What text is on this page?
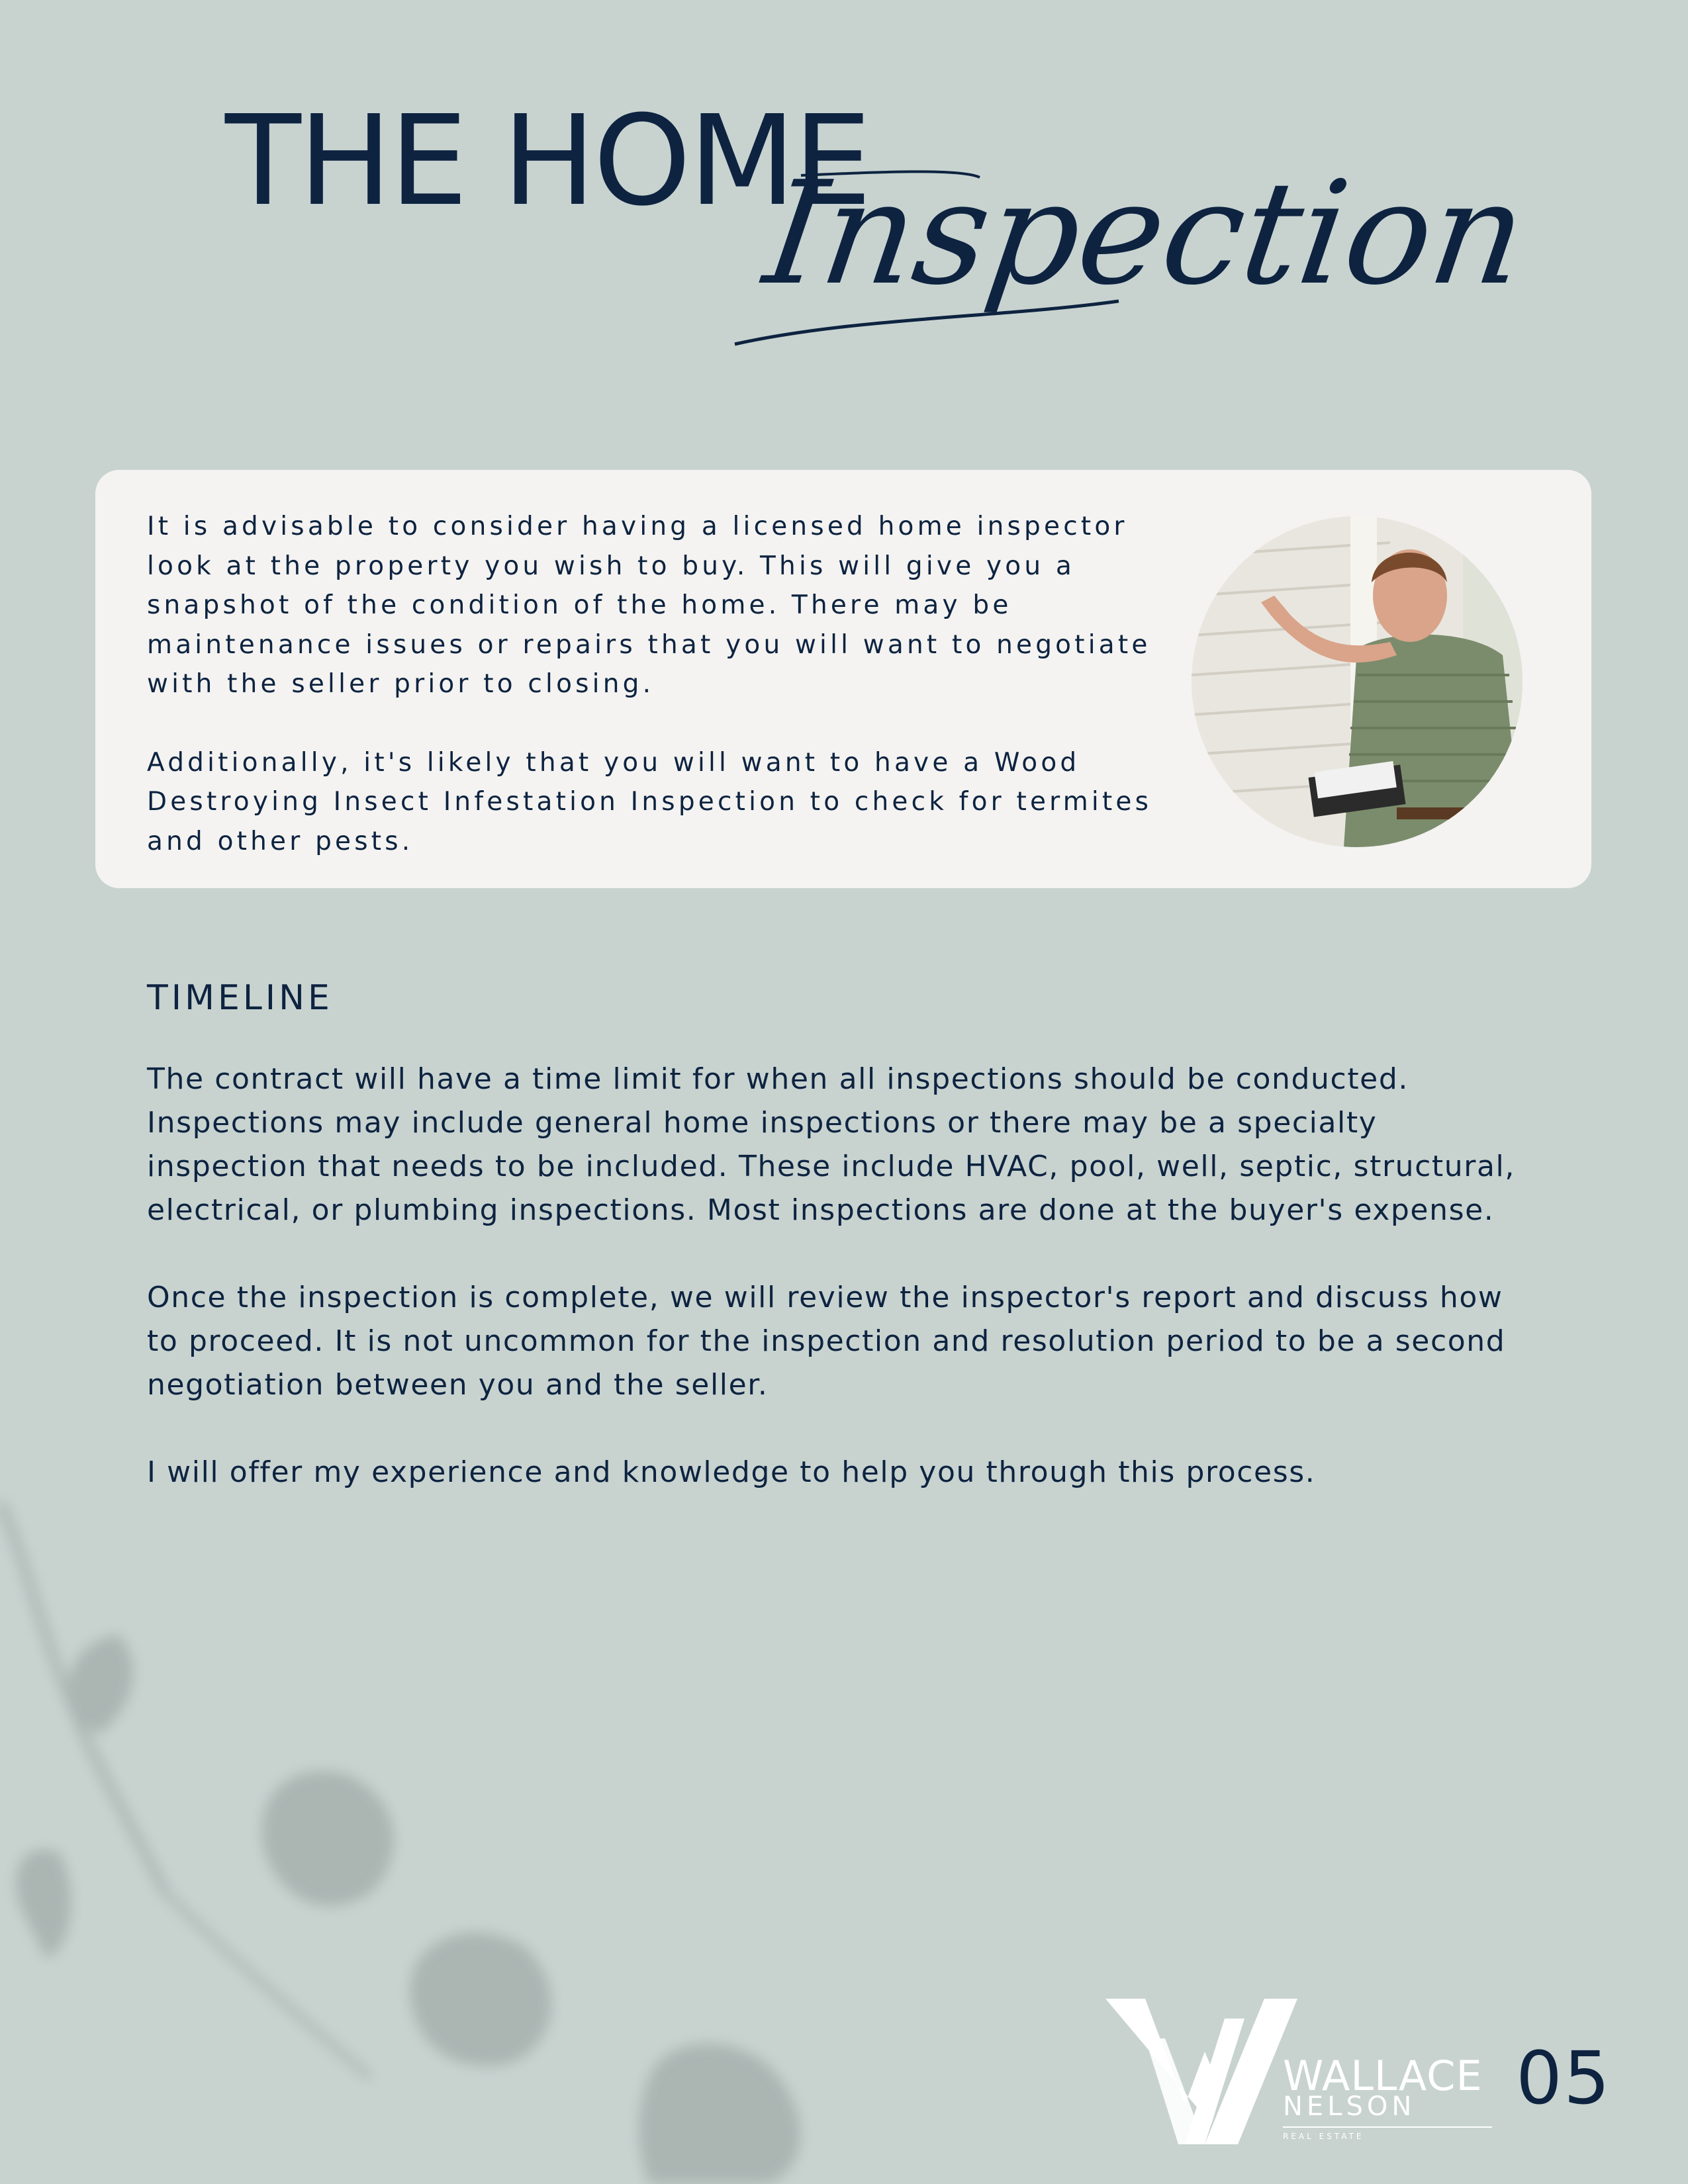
THE HOME
Inspection

It is advisable to consider having a licensed home inspector look at the property you wish to buy. This will give you a snapshot of the condition of the home. There may be maintenance issues or repairs that you will want to negotiate with the seller prior to closing.

Additionally, it's likely that you will want to have a Wood Destroying Insect Infestation Inspection to check for termites and other pests.

TIMELINE

The contract will have a time limit for when all inspections should be conducted. Inspections may include general home inspections or there may be a specialty inspection that needs to be included. These include HVAC, pool, well, septic, structural, electrical, or plumbing inspections. Most inspections are done at the buyer's expense.

Once the inspection is complete, we will review the inspector's report and discuss how to proceed. It is not uncommon for the inspection and resolution period to be a second negotiation between you and the seller.

I will offer my experience and knowledge to help you through this process.

WALLACE
NELSON
REAL ESTATE
05
